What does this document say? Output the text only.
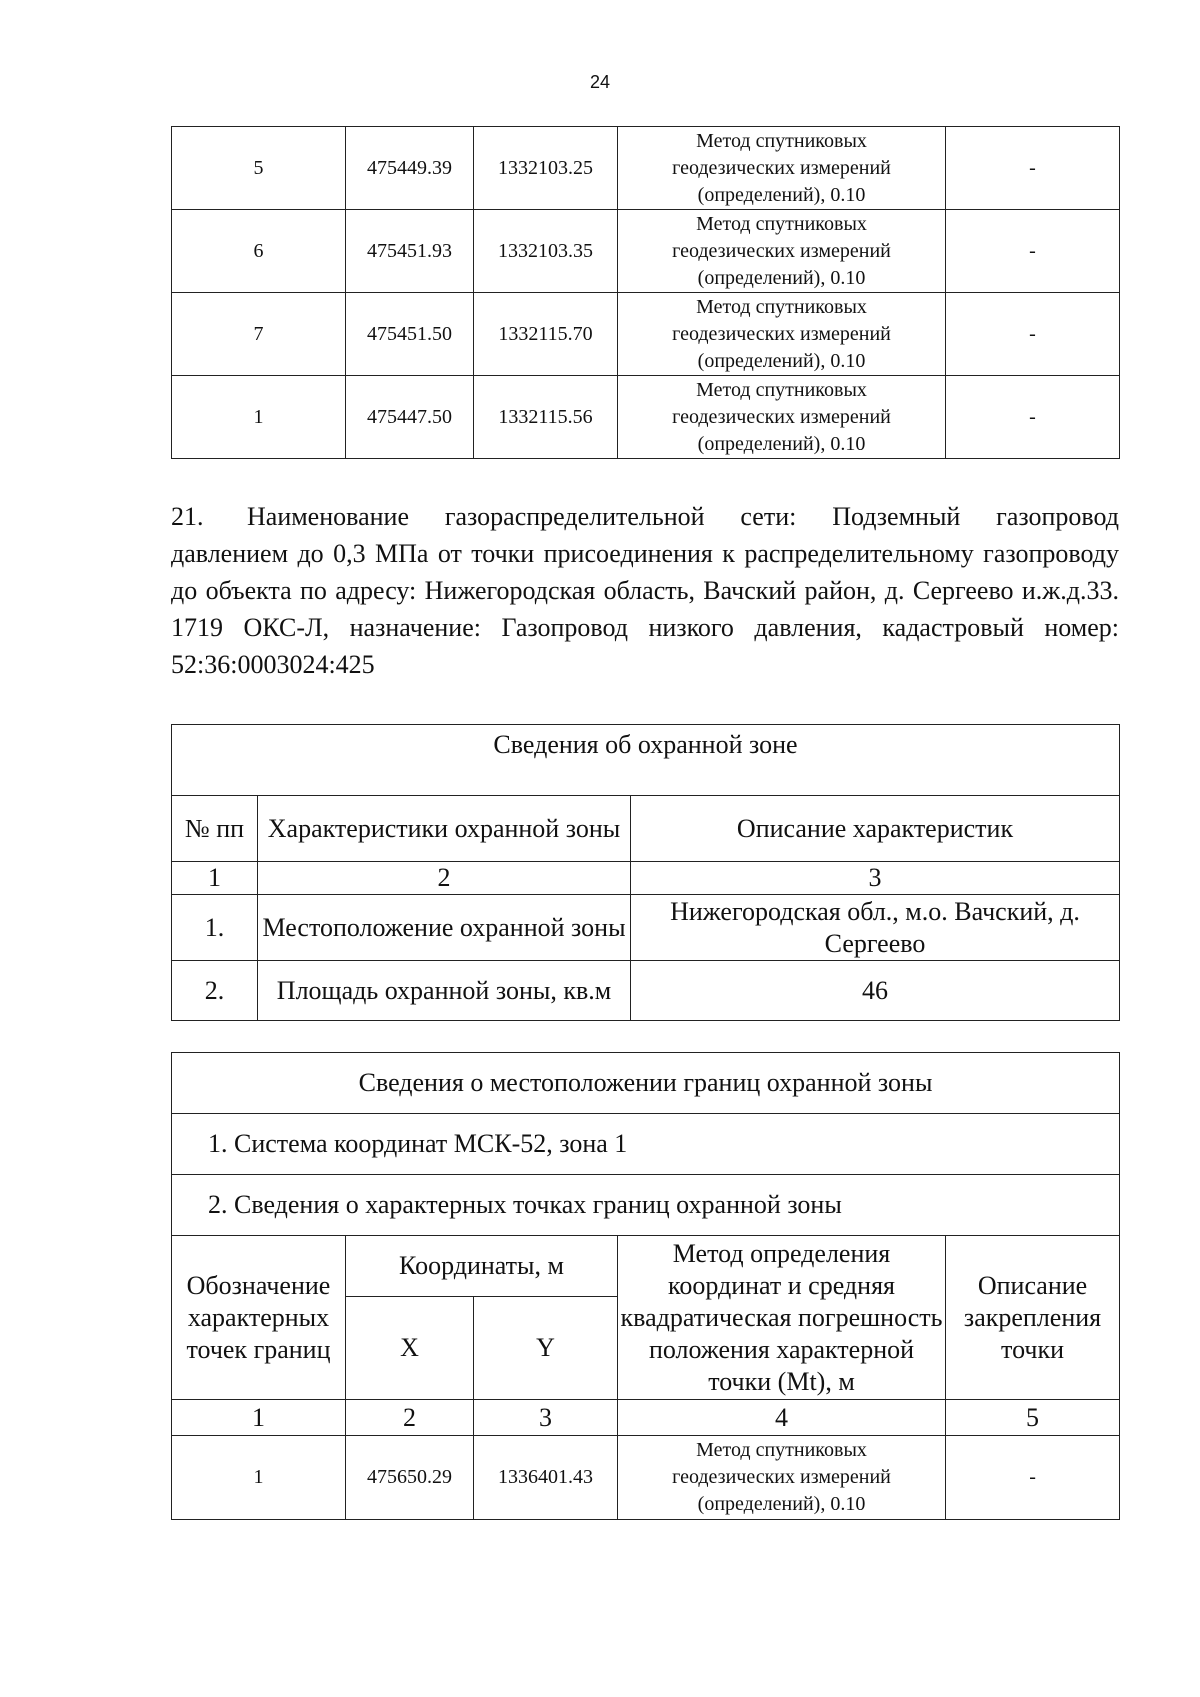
24
5	475449.39	1332103.25	Метод спутниковых
геодезических измерений
(определений), 0.10	-
6	475451.93	1332103.35	Метод спутниковых
геодезических измерений
(определений), 0.10	-
7	475451.50	1332115.70	Метод спутниковых
геодезических измерений
(определений), 0.10	-
1	475447.50	1332115.56	Метод спутниковых
геодезических измерений
(определений), 0.10	-
21. Наименование газораспределительной сети: Подземный газопровод давлением до 0,3 МПа от точки присоединения к распределительному газопроводу до объекта по адресу: Нижегородская область, Вачский район, д. Сергеево и.ж.д.33. 1719 ОКС-Л, назначение: Газопровод низкого давления, кадастровый номер: 52:36:0003024:425
Сведения об охранной зоне		
№ пп	Характеристики охранной зоны	Описание характеристик
1	2	3
1.	Местоположение охранной зоны	Нижегородская обл., м.о. Вачский, д. Сергеево
2.	Площадь охранной зоны, кв.м	46
Сведения о местоположении границ охранной зоны				
1. Система координат МСК-52, зона 1				
2. Сведения о характерных точках границ охранной зоны				
Обозначение характерных точек границ	Координаты, м		Метод определения координат и средняя квадратическая погрешность положения характерной точки (Mt), м	Описание закрепления точки
	X	Y		
1	2	3	4	5
1	475650.29	1336401.43	Метод спутниковых
геодезических измерений
(определений), 0.10	-
